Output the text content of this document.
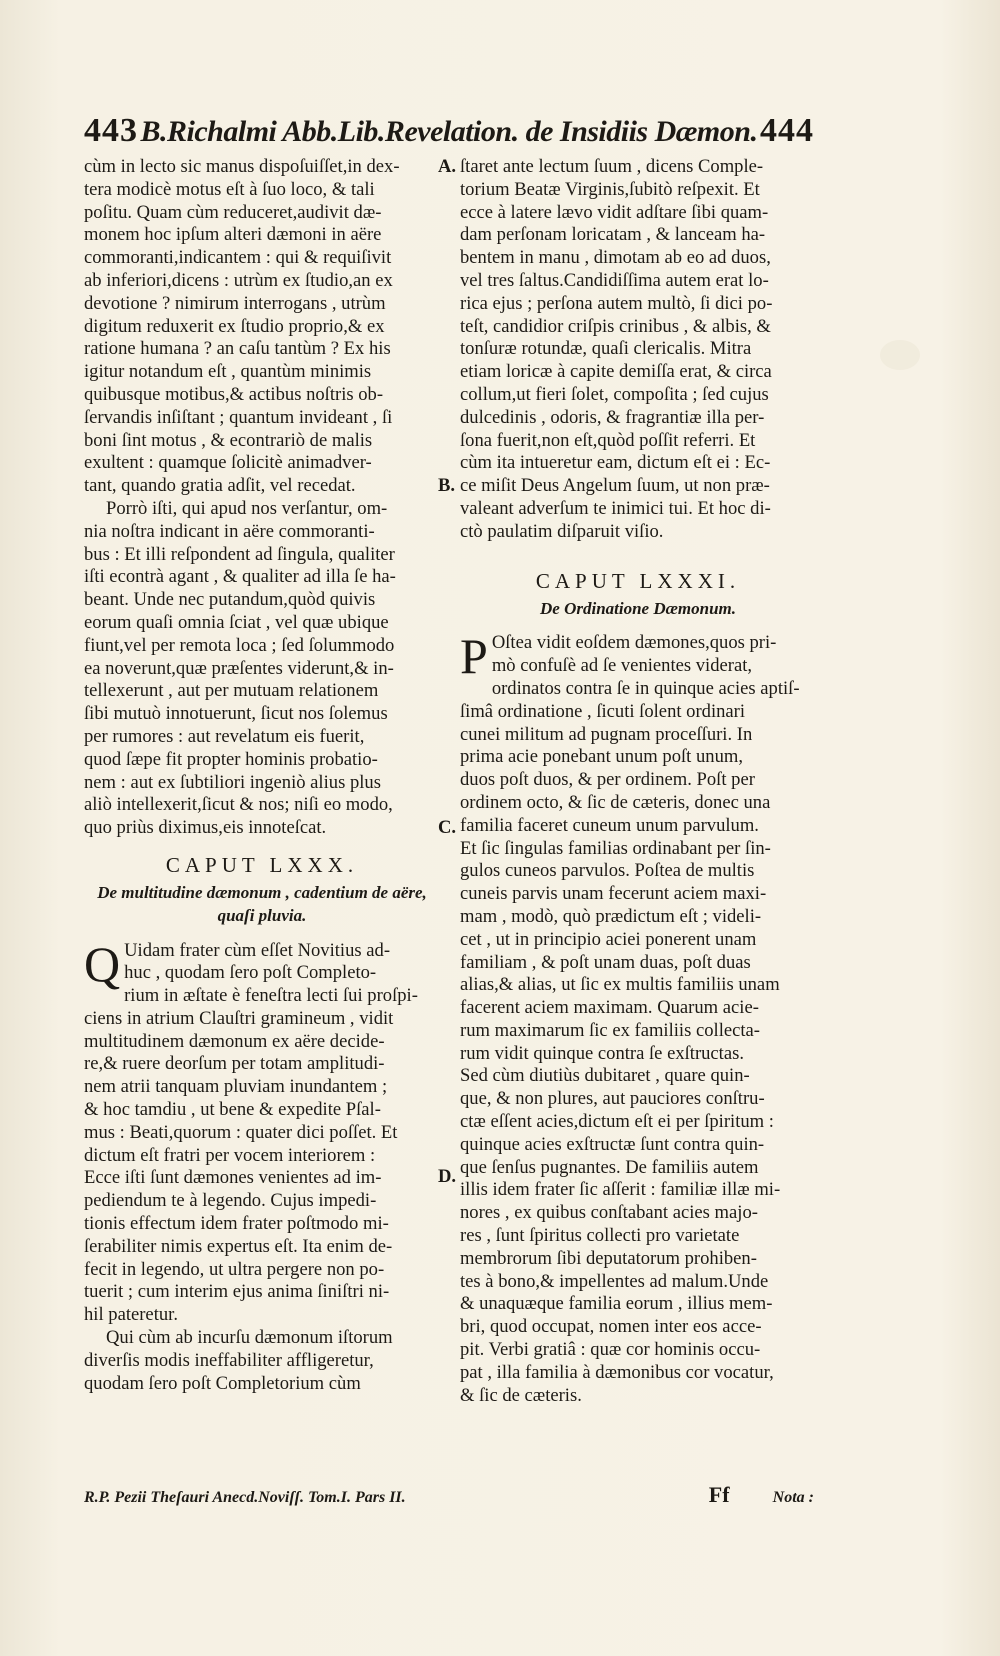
443 B.Richalmi Abb.Lib.Revelation. de Insidiis Dæmon. 444
cùm in lecto sic manus dispoſuiſſet,in dex-
tera modicè motus eſt à ſuo loco, & tali
poſitu. Quam cùm reduceret,audivit dæ-
monem hoc ipſum alteri dæmoni in aëre
commoranti,indicantem : qui & requiſivit
ab inferiori,dicens : utrùm ex ſtudio,an ex
devotione ? nimirum interrogans , utrùm
digitum reduxerit ex ſtudio proprio,& ex
ratione humana ? an caſu tantùm ? Ex his
igitur notandum eſt , quantùm minimis
quibusque motibus,& actibus noſtris ob-
ſervandis inſiſtant ; quantum invideant , ſi
boni ſint motus , & econtrariò de malis
exultent : quamque ſolicitè animadver-
tant, quando gratia adſit, vel recedat.
Porrò iſti, qui apud nos verſantur, om-
nia noſtra indicant in aëre commoranti-
bus : Et illi reſpondent ad ſingula, qualiter
iſti econtrà agant , & qualiter ad illa ſe ha-
beant. Unde nec putandum,quòd quivis
eorum quaſi omnia ſciat , vel quæ ubique
fiunt,vel per remota loca ; ſed ſolummodo
ea noverunt,quæ præſentes viderunt,& in-
tellexerunt , aut per mutuam relationem
ſibi mutuò innotuerunt, ſicut nos ſolemus
per rumores : aut revelatum eis fuerit,
quod ſæpe fit propter hominis probatio-
nem : aut ex ſubtiliori ingeniò alius plus
aliò intellexerit,ſicut & nos; niſi eo modo,
quo priùs diximus,eis innoteſcat.
CAPUT LXXX.
De multitudine dæmonum , cadentium de aëre,
quaſi pluvia.
Q Uidam frater cùm eſſet Novitius ad-
huc , quodam ſero poſt Completo-
rium in æſtate è feneſtra lecti ſui proſpi-
ciens in atrium Clauſtri gramineum , vidit
multitudinem dæmonum ex aëre decide-
re,& ruere deorſum per totam amplitudi-
nem atrii tanquam pluviam inundantem ;
& hoc tamdiu , ut bene & expedite Pſal-
mus : Beati,quorum : quater dici poſſet. Et
dictum eſt fratri per vocem interiorem :
Ecce iſti ſunt dæmones venientes ad im-
pediendum te à legendo. Cujus impedi-
tionis effectum idem frater poſtmodo mi-
ſerabiliter nimis expertus eſt. Ita enim de-
fecit in legendo, ut ultra pergere non po-
tuerit ; cum interim ejus anima ſiniſtri ni-
hil pateretur.
Qui cùm ab incurſu dæmonum iſtorum
diverſis modis ineffabiliter affligeretur,
quodam ſero poſt Completorium cùm
ſtaret ante lectum ſuum , dicens Comple-
torium Beatæ Virginis,ſubitò reſpexit. Et
ecce à latere lævo vidit adſtare ſibi quam-
dam perſonam loricatam , & lanceam ha-
bentem in manu , dimotam ab eo ad duos,
vel tres ſaltus.Candidiſſima autem erat lo-
rica ejus ; perſona autem multò, ſi dici po-
teſt, candidior criſpis crinibus , & albis, &
tonſuræ rotundæ, quaſi clericalis. Mitra
etiam loricæ à capite demiſſa erat, & circa
collum,ut fieri ſolet, compoſita ; ſed cujus
dulcedinis , odoris, & fragrantiæ illa per-
ſona fuerit,non eſt,quòd poſſit referri. Et
cùm ita intueretur eam, dictum eſt ei : Ec-
ce miſit Deus Angelum ſuum, ut non præ-
valeant adverſum te inimici tui. Et hoc di-
ctò paulatim diſparuit viſio.
CAPUT LXXXI.
De Ordinatione Dæmonum.
P Oſtea vidit eoſdem dæmones,quos pri-
mò confuſè ad ſe venientes viderat,
ordinatos contra ſe in quinque acies aptiſ-
ſimâ ordinatione , ſicuti ſolent ordinari
cunei militum ad pugnam proceſſuri. In
prima acie ponebant unum poſt unum,
duos poſt duos, & per ordinem. Poſt per
ordinem octo, & ſic de cæteris, donec una
familia faceret cuneum unum parvulum.
Et ſic ſingulas familias ordinabant per ſin-
gulos cuneos parvulos. Poſtea de multis
cuneis parvis unam fecerunt aciem maxi-
mam , modò, quò prædictum eſt ; videli-
cet , ut in principio aciei ponerent unam
familiam , & poſt unam duas, poſt duas
alias,& alias, ut ſic ex multis familiis unam
facerent aciem maximam. Quarum acie-
rum maximarum ſic ex familiis collecta-
rum vidit quinque contra ſe exſtructas.
Sed cùm diutiùs dubitaret , quare quin-
que, & non plures, aut pauciores conſtru-
ctæ eſſent acies,dictum eſt ei per ſpiritum :
quinque acies exſtructæ ſunt contra quin-
que ſenſus pugnantes. De familiis autem
illis idem frater ſic aſſerit : familiæ illæ mi-
nores , ex quibus conſtabant acies majo-
res , ſunt ſpiritus collecti pro varietate
membrorum ſibi deputatorum prohiben-
tes à bono,& impellentes ad malum.Unde
& unaquæque familia eorum , illius mem-
bri, quod occupat, nomen inter eos acce-
pit. Verbi gratiâ : quæ cor hominis occu-
pat , illa familia à dæmonibus cor vocatur,
& ſic de cæteris.
A.
B.
C.
D.
R.P. Pezii Theſauri Anecd.Noviſſ. Tom.I. Pars II.	Ff	Nota :
